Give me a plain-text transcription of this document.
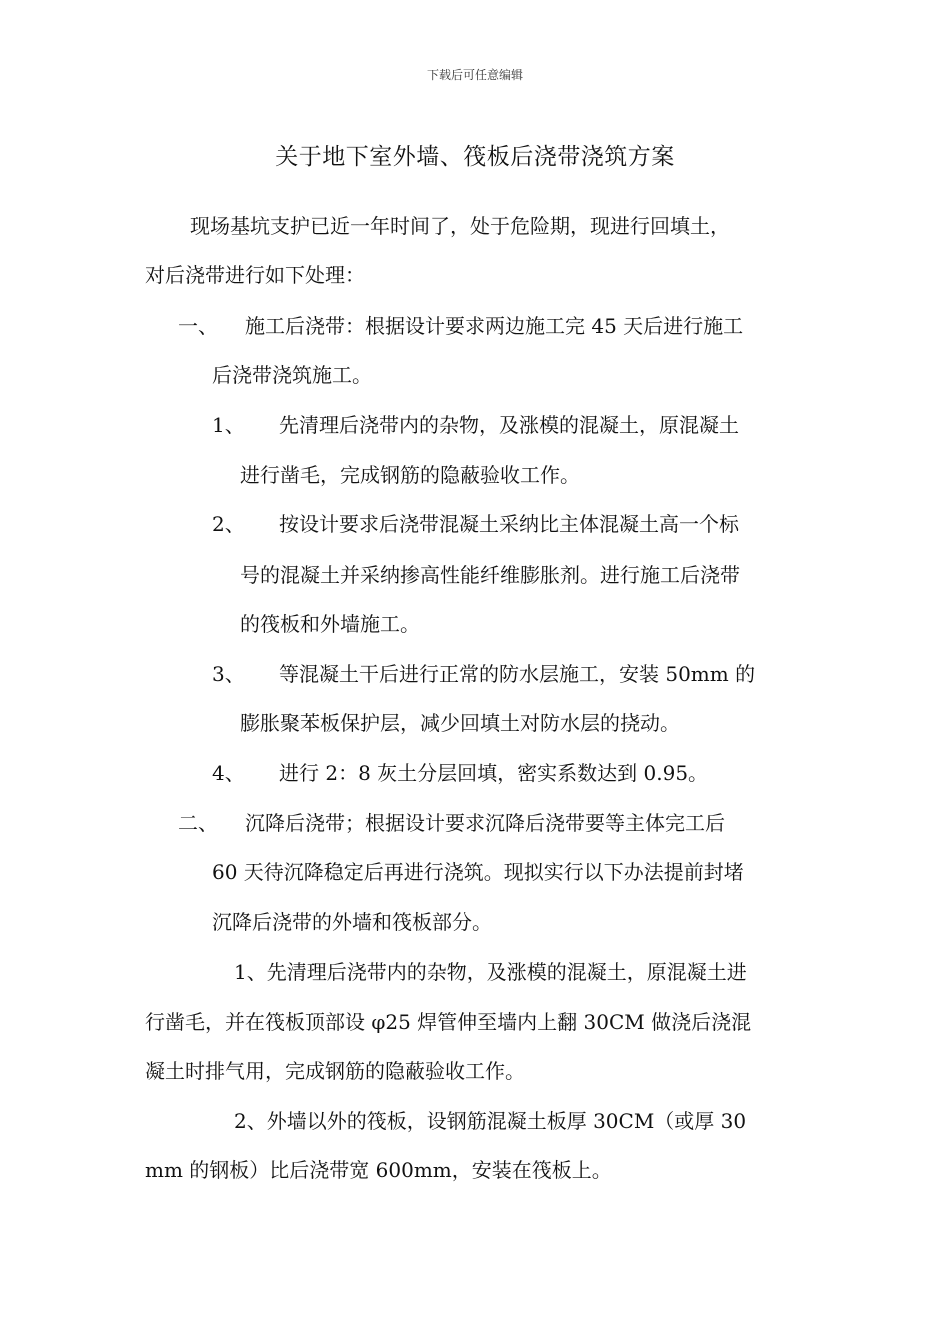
下载后可任意编辑
关于地下室外墙、筏板后浇带浇筑方案
现场基坑支护已近一年时间了，处于危险期，现进行回填土，
对后浇带进行如下处理：
一、 施工后浇带：根据设计要求两边施工完 45 天后进行施工
后浇带浇筑施工。
1、 先清理后浇带内的杂物，及涨模的混凝土，原混凝土
进行凿毛，完成钢筋的隐蔽验收工作。
2、 按设计要求后浇带混凝土采纳比主体混凝土高一个标
号的混凝土并采纳掺高性能纤维膨胀剂。进行施工后浇带
的筏板和外墙施工。
3、 等混凝土干后进行正常的防水层施工，安装 50mm 的
膨胀聚苯板保护层，减少回填土对防水层的挠动。
4、 进行 2：8 灰土分层回填，密实系数达到 0.95。
二、 沉降后浇带；根据设计要求沉降后浇带要等主体完工后
60 天待沉降稳定后再进行浇筑。现拟实行以下办法提前封堵
沉降后浇带的外墙和筏板部分。
1、先清理后浇带内的杂物，及涨模的混凝土，原混凝土进
行凿毛，并在筏板顶部设 φ25 焊管伸至墙内上翻 30CM 做浇后浇混
凝土时排气用，完成钢筋的隐蔽验收工作。
2、外墙以外的筏板，设钢筋混凝土板厚 30CM（或厚 30
mm 的钢板）比后浇带宽 600mm，安装在筏板上。
